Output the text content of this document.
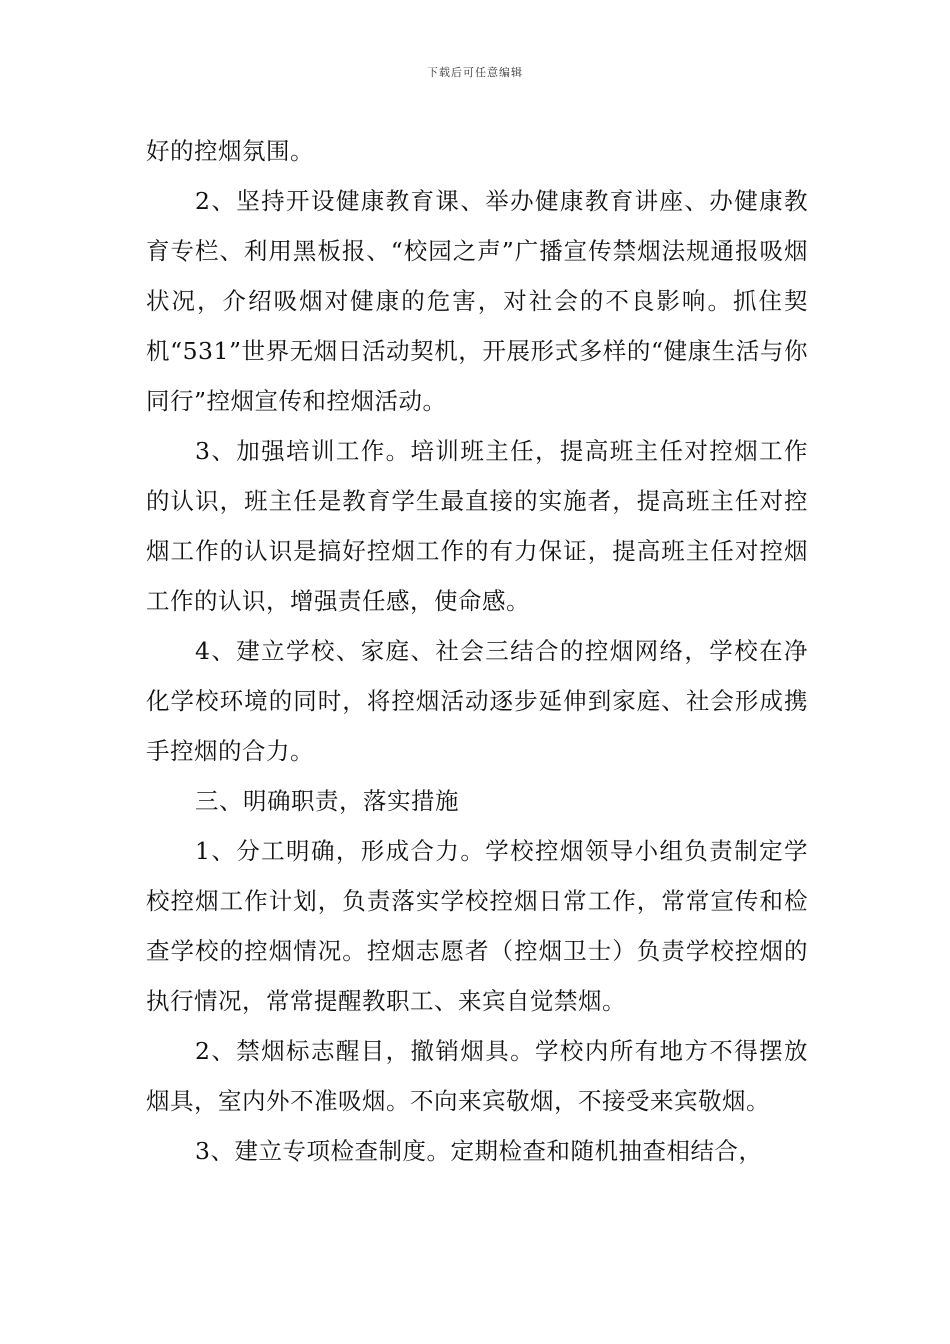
下载后可任意编辑

好的控烟氛围。

2、坚持开设健康教育课、举办健康教育讲座、办健康教育专栏、利用黑板报、“校园之声”广播宣传禁烟法规通报吸烟状况，介绍吸烟对健康的危害，对社会的不良影响。抓住契机“531”世界无烟日活动契机，开展形式多样的“健康生活与你同行”控烟宣传和控烟活动。

3、加强培训工作。培训班主任，提高班主任对控烟工作的认识，班主任是教育学生最直接的实施者，提高班主任对控烟工作的认识是搞好控烟工作的有力保证，提高班主任对控烟工作的认识，增强责任感，使命感。

4、建立学校、家庭、社会三结合的控烟网络，学校在净化学校环境的同时，将控烟活动逐步延伸到家庭、社会形成携手控烟的合力。

三、明确职责，落实措施

1、分工明确，形成合力。学校控烟领导小组负责制定学校控烟工作计划，负责落实学校控烟日常工作，常常宣传和检查学校的控烟情况。控烟志愿者（控烟卫士）负责学校控烟的执行情况，常常提醒教职工、来宾自觉禁烟。

2、禁烟标志醒目，撤销烟具。学校内所有地方不得摆放烟具，室内外不准吸烟。不向来宾敬烟，不接受来宾敬烟。

3、建立专项检查制度。定期检查和随机抽查相结合，
